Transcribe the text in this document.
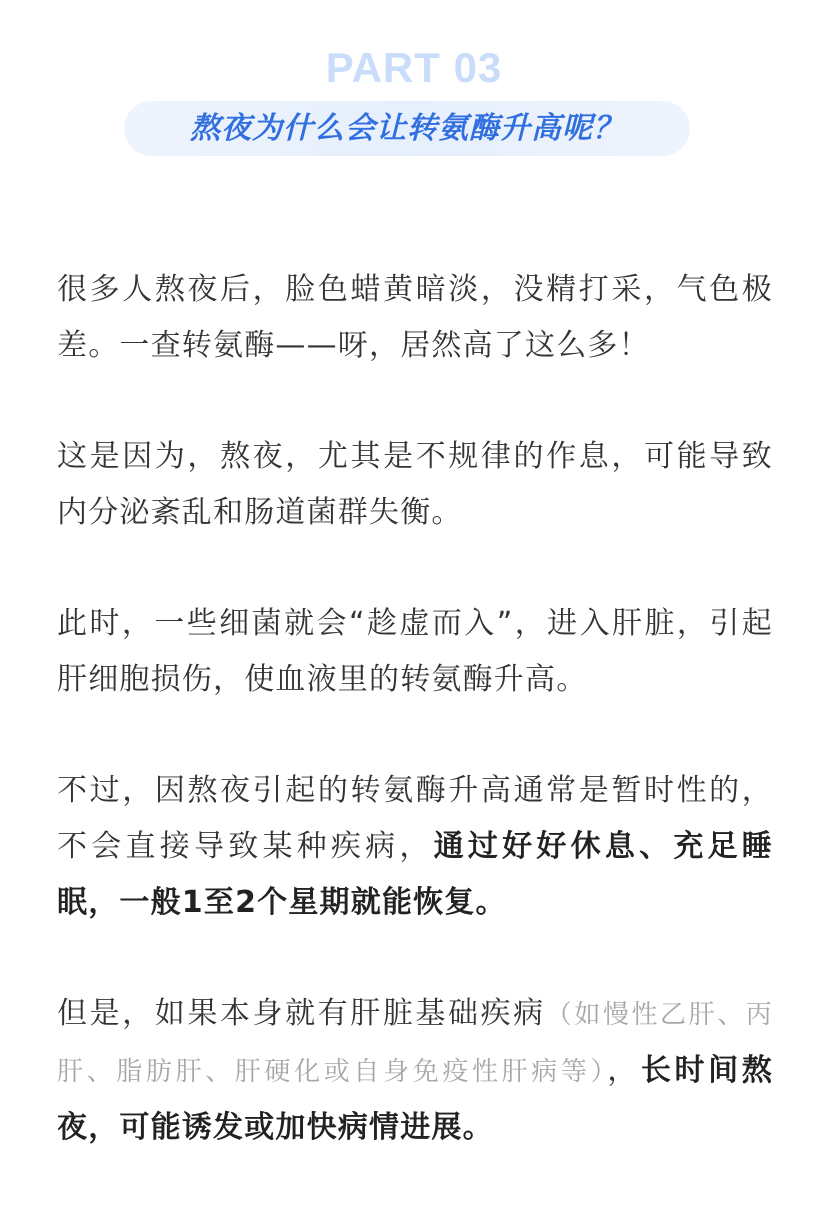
PART 03
熬夜为什么会让转氨酶升高呢？

很多人熬夜后，脸色蜡黄暗淡，没精打采，气色极差。一查转氨酶——呀，居然高了这么多！

这是因为，熬夜，尤其是不规律的作息，可能导致内分泌紊乱和肠道菌群失衡。

此时，一些细菌就会“趁虚而入”，进入肝脏，引起肝细胞损伤，使血液里的转氨酶升高。

不过，因熬夜引起的转氨酶升高通常是暂时性的，不会直接导致某种疾病，通过好好休息、充足睡眠，一般1至2个星期就能恢复。

但是，如果本身就有肝脏基础疾病（如慢性乙肝、丙肝、脂肪肝、肝硬化或自身免疫性肝病等），长时间熬夜，可能诱发或加快病情进展。
